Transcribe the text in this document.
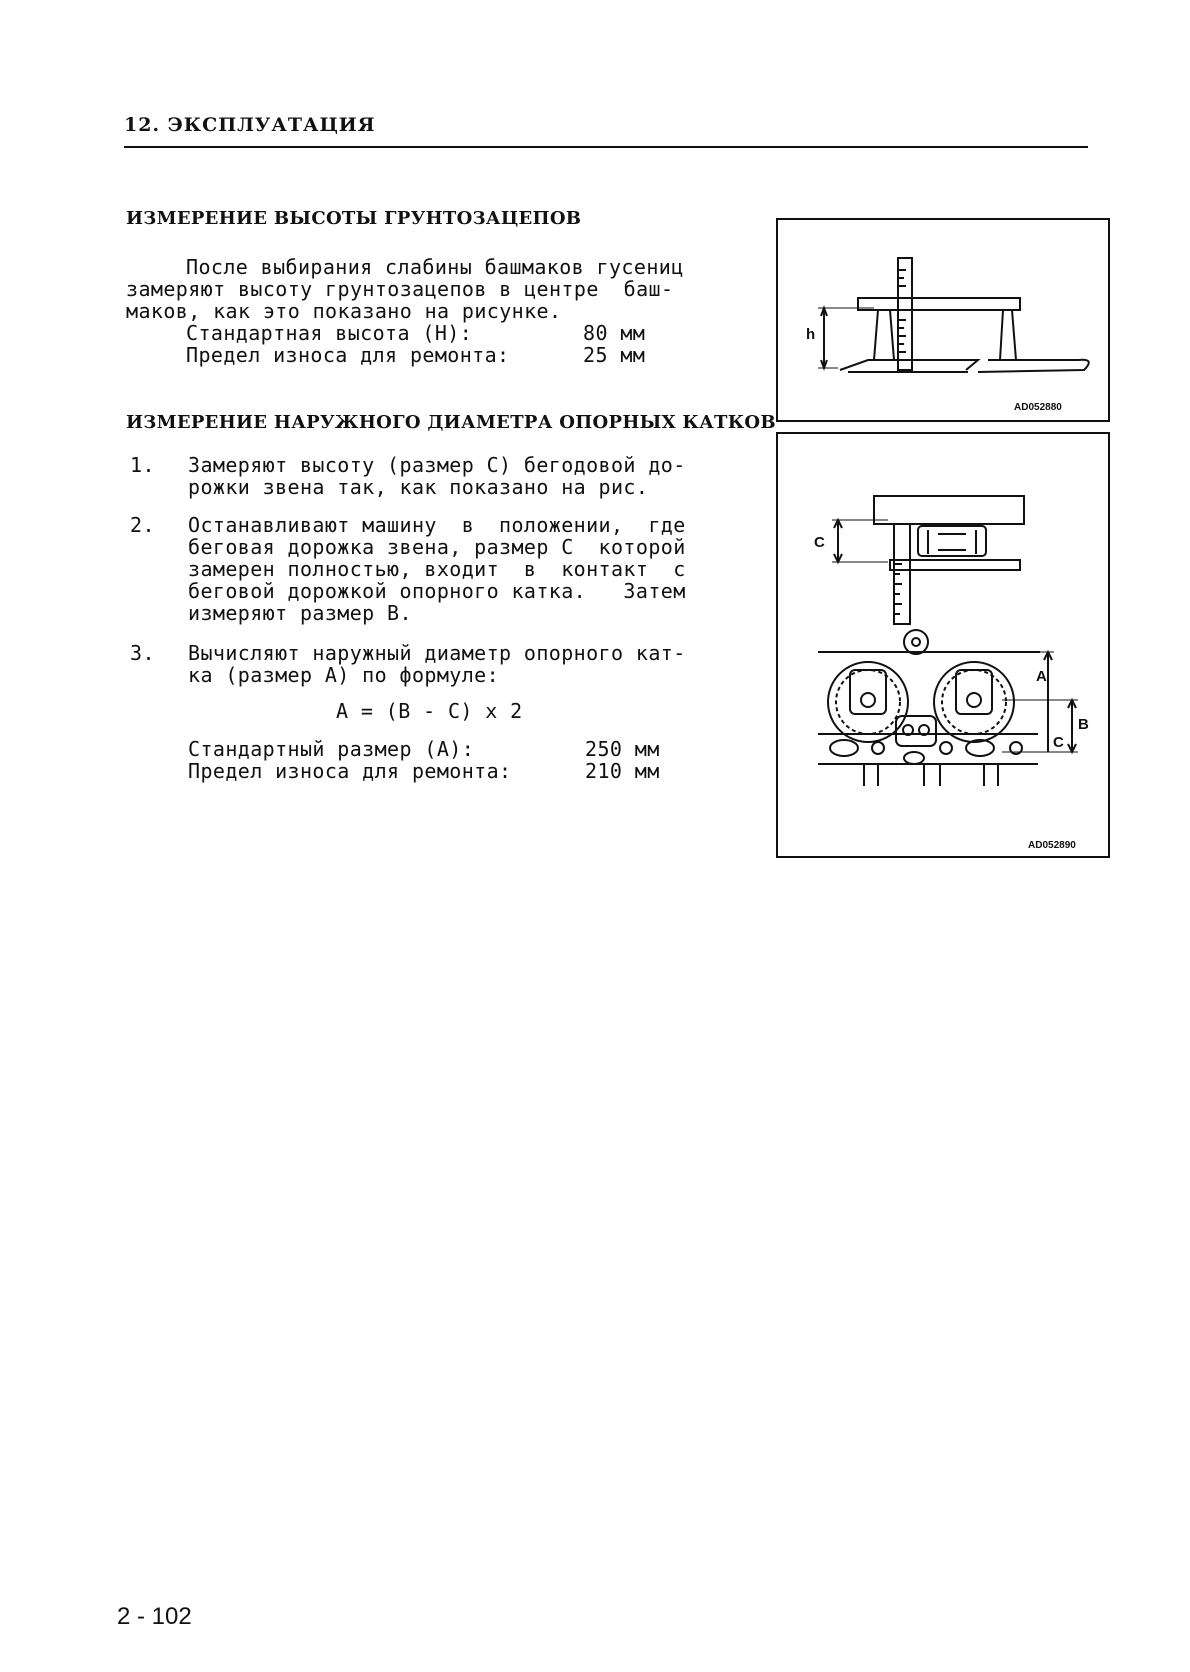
12. ЭКСПЛУАТАЦИЯ
ИЗМЕРЕНИЕ ВЫСОТЫ ГРУНТОЗАЦЕПОВ
После выбирания слабины башмаков гусениц
замеряют высоту грунтозацепов в центре  баш-
маков, как это показано на рисунке.
Стандартная высота (Н):	80 мм
Предел износа для ремонта:	25 мм
ИЗМЕРЕНИЕ НАРУЖНОГО ДИАМЕТРА ОПОРНЫХ КАТКОВ
1. Замеряют высоту (размер С) бегодовой до-
рожки звена так, как показано на рис.
2. Останавливают машину  в  положении,  где
беговая дорожка звена, размер С  которой
замерен полностью, входит  в  контакт  с
беговой дорожкой опорного катка.   Затем
измеряют размер В.
3. Вычисляют наружный диаметр опорного кат-
ка (размер А) по формуле:
А = (В - С) х 2
Стандартный размер (А):	250 мм
Предел износа для ремонта:	210 мм
h
AD052880
C
A
B
C
AD052890
2 - 102
